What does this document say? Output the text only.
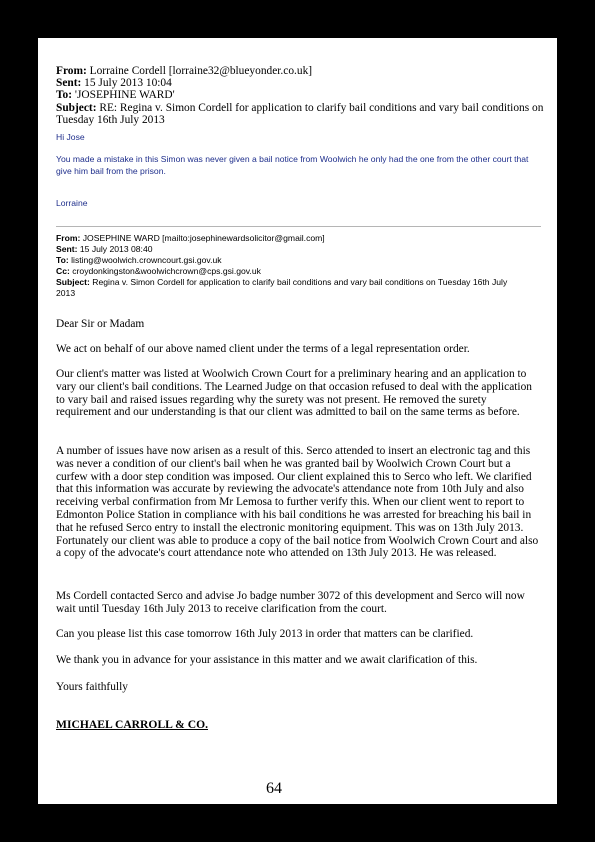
From: Lorraine Cordell [lorraine32@blueyonder.co.uk]
Sent: 15 July 2013 10:04
To: 'JOSEPHINE WARD'
Subject: RE: Regina v. Simon Cordell for application to clarify bail conditions and vary bail conditions on Tuesday 16th July 2013
Hi Jose
You made a mistake in this Simon was never given a bail notice from Woolwich he only had the one from the other court that give him bail from the prison.
Lorraine
From: JOSEPHINE WARD [mailto:josephinewardsolicitor@gmail.com]
Sent: 15 July 2013 08:40
To: listing@woolwich.crowncourt.gsi.gov.uk
Cc: croydonkingston&woolwichcrown@cps.gsi.gov.uk
Subject: Regina v. Simon Cordell for application to clarify bail conditions and vary bail conditions on Tuesday 16th July 2013
Dear Sir or Madam
We act on behalf of our above named client under the terms of a legal representation order.
Our client's matter was listed at Woolwich Crown Court for a preliminary hearing and an application to vary our client's bail conditions. The Learned Judge on that occasion refused to deal with the application to vary bail and raised issues regarding why the surety was not present. He removed the surety requirement and our understanding is that our client was admitted to bail on the same terms as before.
A number of issues have now arisen as a result of this. Serco attended to insert an electronic tag and this was never a condition of our client's bail when he was granted bail by Woolwich Crown Court but a curfew with a door step condition was imposed. Our client explained this to Serco who left. We clarified that this information was accurate by reviewing the advocate's attendance note from 10th July and also receiving verbal confirmation from Mr Lemosa to further verify this. When our client went to report to Edmonton Police Station in compliance with his bail conditions he was arrested for breaching his bail in that he refused Serco entry to install the electronic monitoring equipment. This was on 13th July 2013. Fortunately our client was able to produce a copy of the bail notice from Woolwich Crown Court and also a copy of the advocate's court attendance note who attended on 13th July 2013. He was released.
Ms Cordell contacted Serco and advise Jo badge number 3072 of this development and Serco will now wait until Tuesday 16th July 2013 to receive clarification from the court.
Can you please list this case tomorrow 16th July 2013 in order that matters can be clarified.
We thank you in advance for your assistance in this matter and we await clarification of this.
Yours faithfully
MICHAEL CARROLL & CO.
64
